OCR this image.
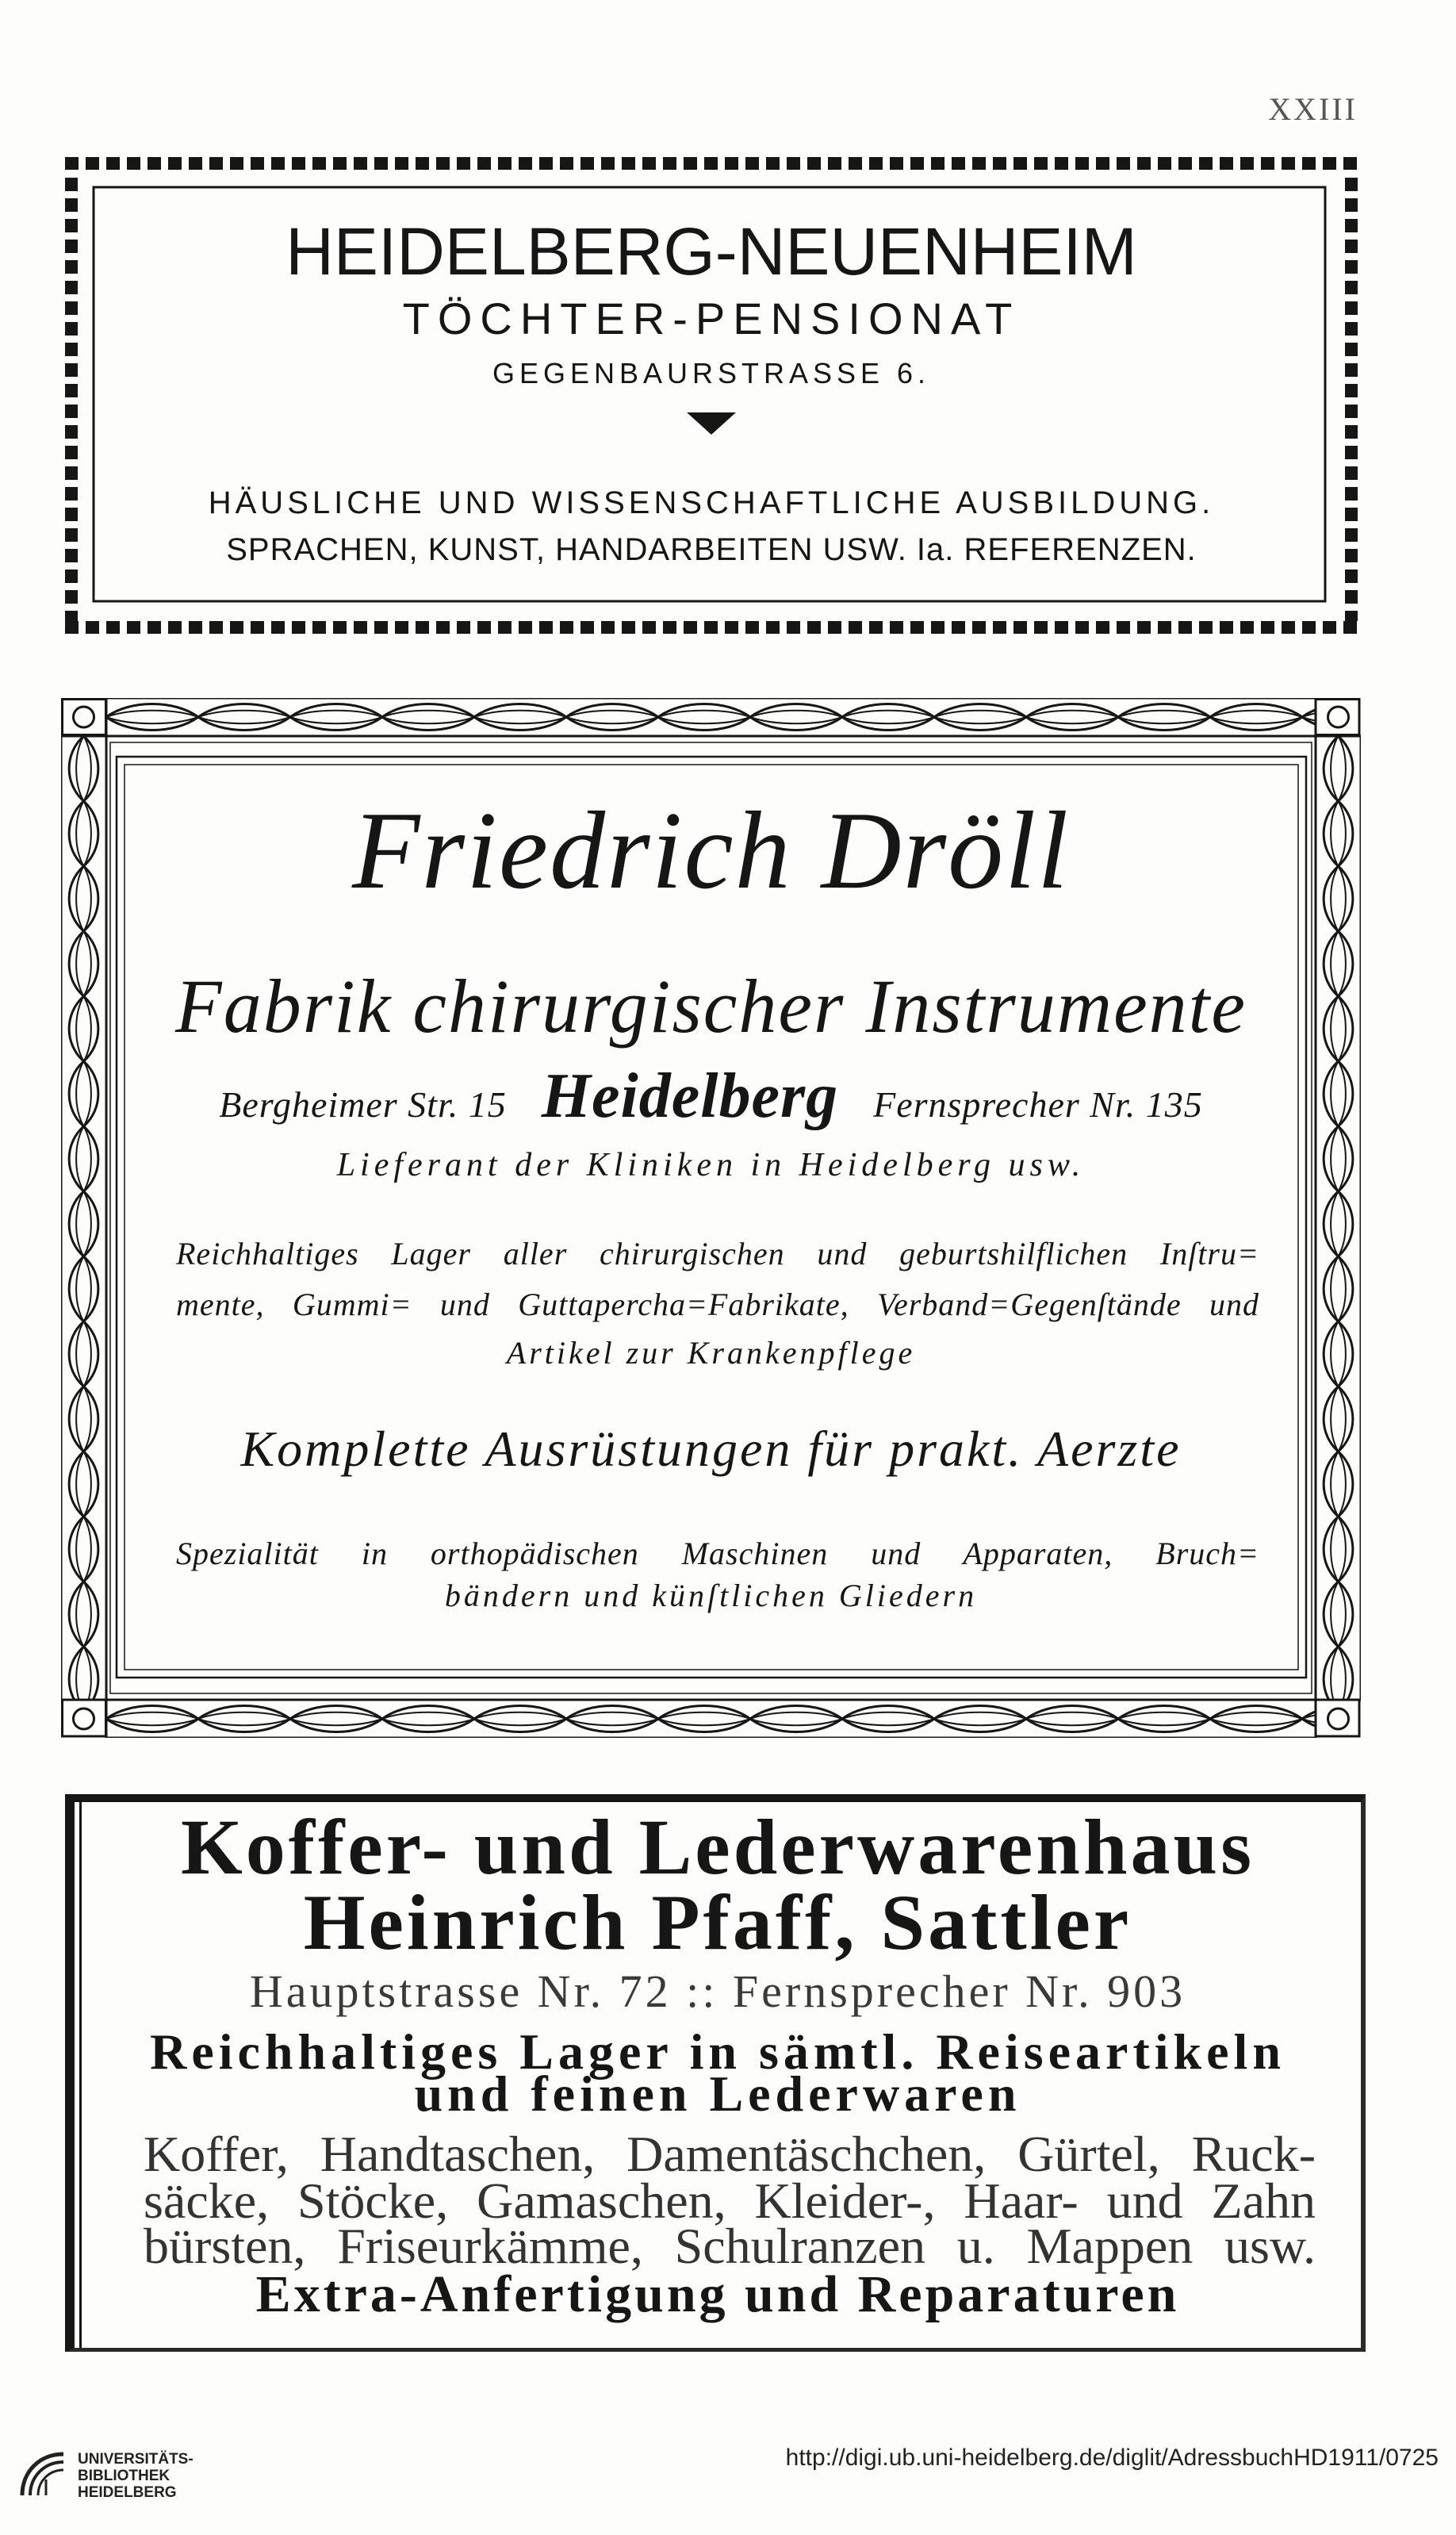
XXIII
HEIDELBERG-NEUENHEIM
TÖCHTER-PENSIONAT
GEGENBAURSTRASSE 6.
HÄUSLICHE UND WISSENSCHAFTLICHE AUSBILDUNG.
SPRACHEN, KUNST, HANDARBEITEN USW. Ia. REFERENZEN.
Friedrich Dröll
Fabrik chirurgischer Instrumente
Bergheimer Str. 15 Heidelberg Fernsprecher Nr. 135
Lieferant der Kliniken in Heidelberg usw.
Reichhaltiges Lager aller chirurgischen und geburtshilflichen Inſtru=
mente, Gummi= und Guttapercha=Fabrikate, Verband=Gegenſtände und
Artikel zur Krankenpflege
Komplette Ausrüstungen für prakt. Aerzte
Spezialität in orthopädischen Maschinen und Apparaten, Bruch=
bändern und künſtlichen Gliedern
Koffer- und Lederwarenhaus
Heinrich Pfaff, Sattler
Hauptstrasse Nr. 72 :: Fernsprecher Nr. 903
Reichhaltiges Lager in sämtl. Reiseartikeln
und feinen Lederwaren
Koffer, Handtaschen, Damentäschchen, Gürtel, Ruck-
säcke, Stöcke, Gamaschen, Kleider-, Haar- und Zahn
bürsten, Friseurkämme, Schulranzen u. Mappen usw.
Extra-Anfertigung und Reparaturen
UNIVERSITÄTS-
BIBLIOTHEK
HEIDELBERG
http://digi.ub.uni-heidelberg.de/diglit/AdressbuchHD1911/0725
